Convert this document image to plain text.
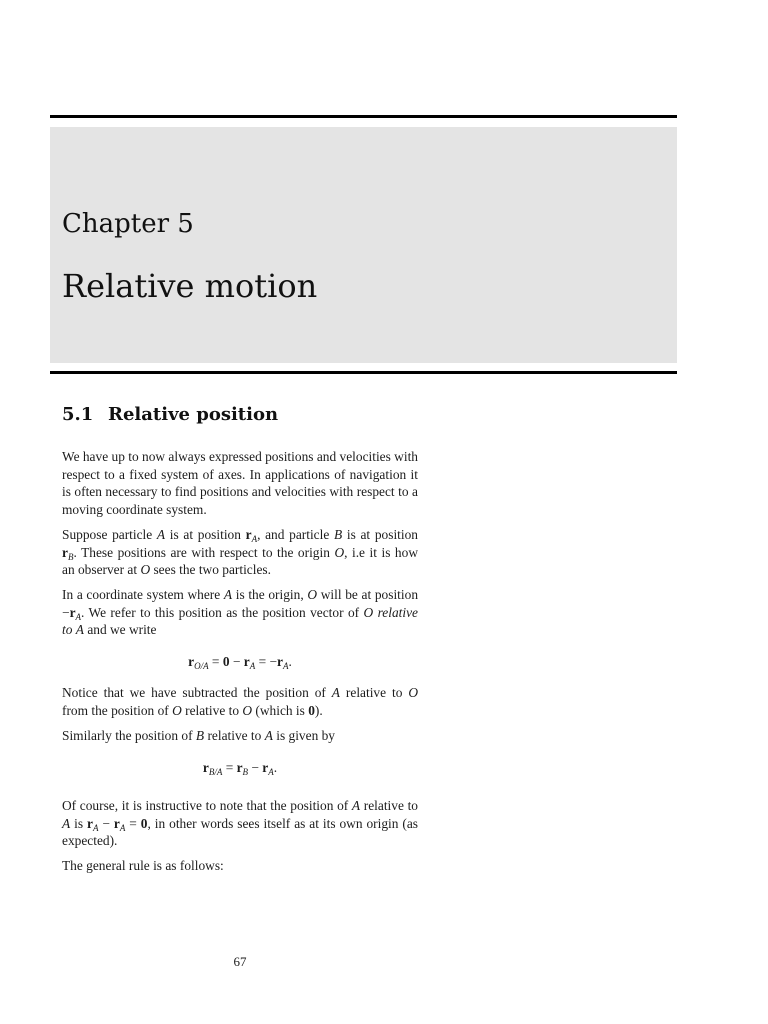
Chapter 5
Relative motion
5.1 Relative position

We have up to now always expressed positions and velocities with respect to a fixed system of axes. In applications of navigation it is often necessary to find positions and velocities with respect to a moving coordinate system.

Suppose particle A is at position $r_A$, and particle B is at position $r_B$. These positions are with respect to the origin O, i.e it is how an observer at O sees the two particles.

In a coordinate system where A is the origin, O will be at position $-r_A$. We refer to this position as the position vector of O relative to A and we write

$r_{O/A} = 0 - r_A = -r_A$.

Notice that we have subtracted the position of A relative to O from the position of O relative to O (which is 0).

Similarly the position of B relative to A is given by

$r_{B/A} = r_B - r_A$.

Of course, it is instructive to note that the position of A relative to A is $r_A - r_A = 0$, in other words sees itself as at its own origin (as expected).

The general rule is as follows:

67
